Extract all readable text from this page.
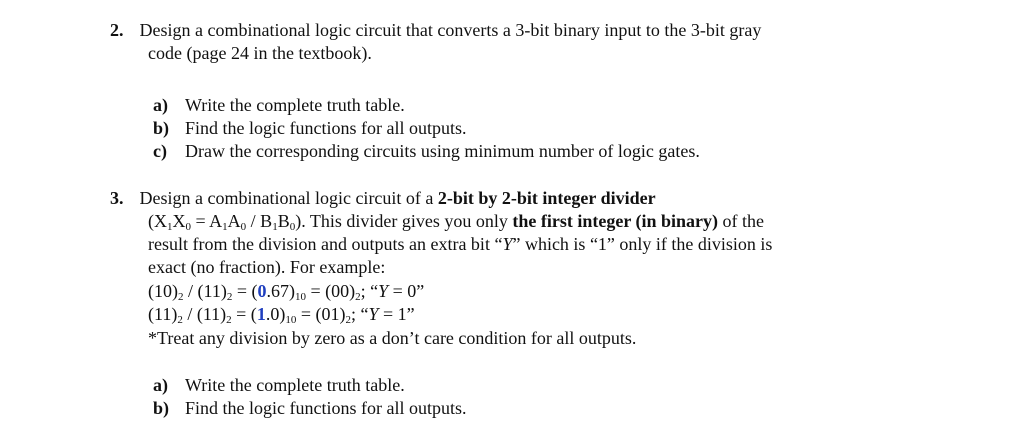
2. Design a combinational logic circuit that converts a 3-bit binary input to the 3-bit gray
code (page 24 in the textbook).
a) Write the complete truth table.
b) Find the logic functions for all outputs.
c) Draw the corresponding circuits using minimum number of logic gates.
3. Design a combinational logic circuit of a 2-bit by 2-bit integer divider
$(X_1X_0 = A_1A_0 / B_1B_0)$. This divider gives you only the first integer (in binary) of the
result from the division and outputs an extra bit “Y” which is “1” only if the division is
exact (no fraction). For example:
$(10)_2 / (11)_2 = (0.67)_{10} = (00)_2$; “Y = 0”
$(11)_2 / (11)_2 = (1.0)_{10} = (01)_2$; “Y = 1”
*Treat any division by zero as a don’t care condition for all outputs.
a) Write the complete truth table.
b) Find the logic functions for all outputs.
